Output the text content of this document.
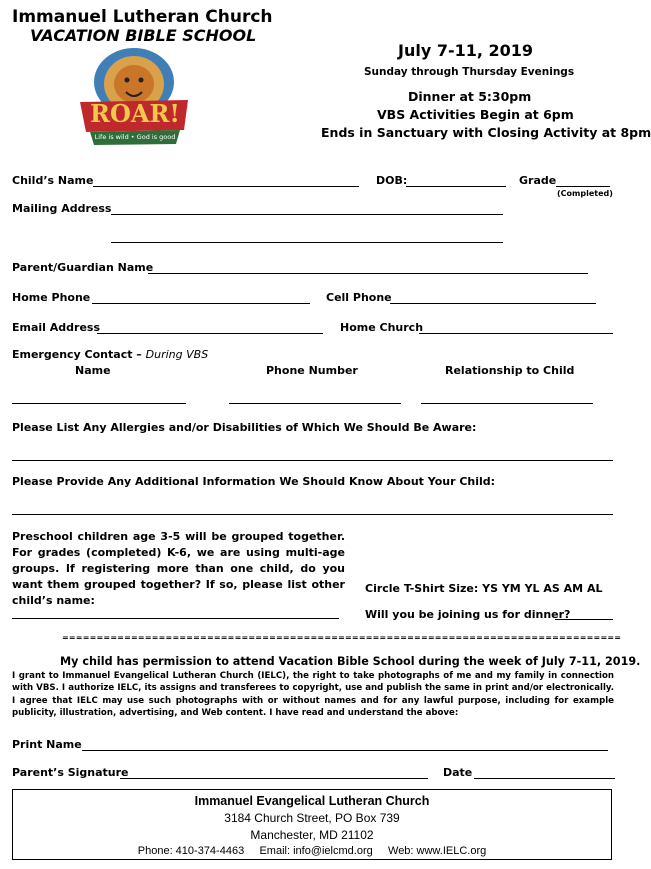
Immanuel Lutheran Church
VACATION BIBLE SCHOOL
ROAR!
Life is wild • God is good
July 7-11, 2019
Sunday through Thursday Evenings
Dinner at 5:30pm
VBS Activities Begin at 6pm
Ends in Sanctuary with Closing Activity at 8pm
Child’s Name	DOB:	Grade
(Completed)
Mailing Address
Parent/Guardian Name
Home Phone	Cell Phone
Email Address	Home Church
Emergency Contact – During VBS
Name	Phone Number	Relationship to Child
Please List Any Allergies and/or Disabilities of Which We Should Be Aware:
Please Provide Any Additional Information We Should Know About Your Child:
Preschool children age 3-5 will be grouped together. For grades (completed) K-6, we are using multi-age groups. If registering more than one child, do you want them grouped together? If so, please list other child’s name:
Circle T-Shirt Size: YS YM YL AS AM AL
Will you be joining us for dinner?
=================================================================================
My child has permission to attend Vacation Bible School during the week of July 7-11, 2019.
I grant to Immanuel Evangelical Lutheran Church (IELC), the right to take photographs of me and my family in connection with VBS. I authorize IELC, its assigns and transferees to copyright, use and publish the same in print and/or electronically. I agree that IELC may use such photographs with or without names and for any lawful purpose, including for example publicity, illustration, advertising, and Web content. I have read and understand the above:
Print Name
Parent’s Signature	Date
Immanuel Evangelical Lutheran Church
3184 Church Street, PO Box 739
Manchester, MD 21102
Phone: 410-374-4463     Email: info@ielcmd.org     Web: www.IELC.org
